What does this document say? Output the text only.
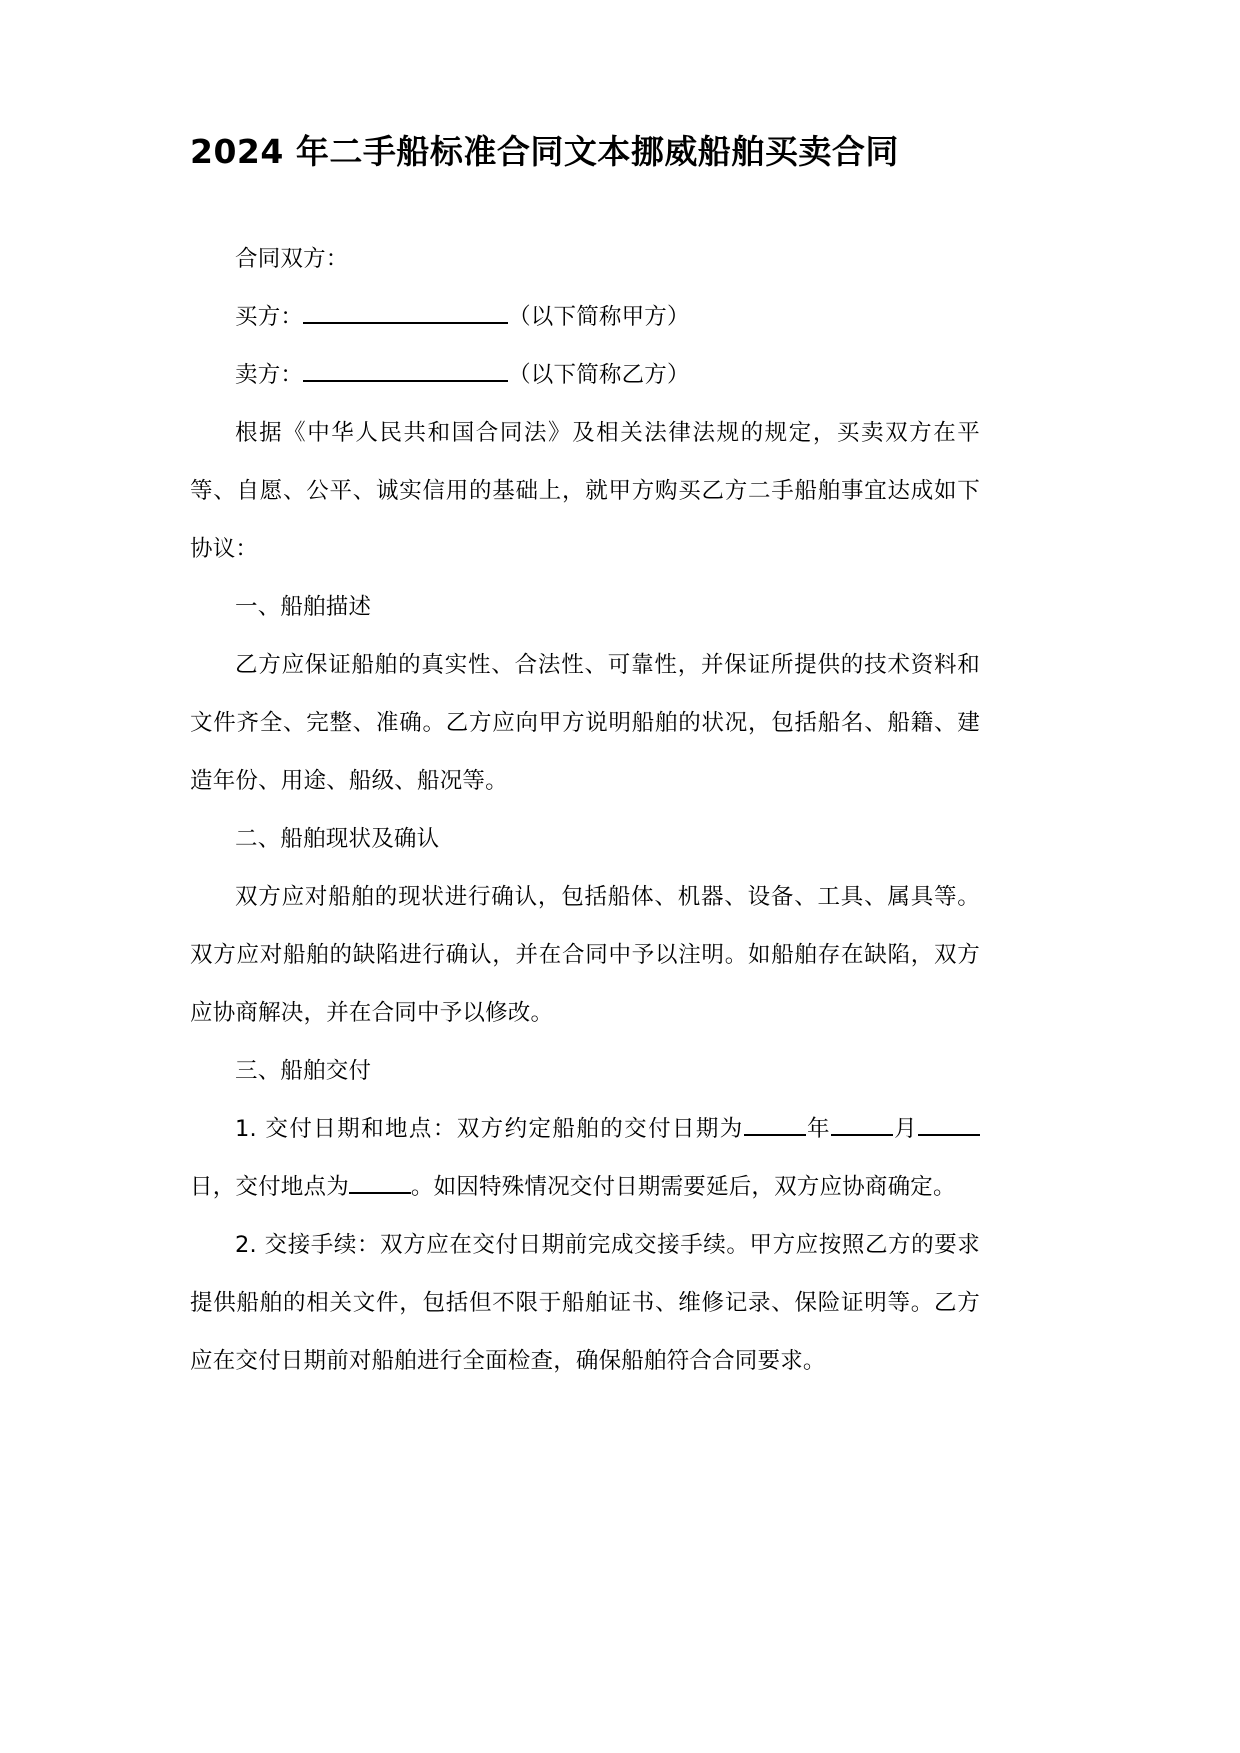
2024 年二手船标准合同文本挪威船舶买卖合同

合同双方：

买方：	（以下简称甲方）

卖方：	（以下简称乙方）

根据《中华人民共和国合同法》及相关法律法规的规定，买卖双方在平等、自愿、公平、诚实信用的基础上，就甲方购买乙方二手船舶事宜达成如下协议：

一、船舶描述

乙方应保证船舶的真实性、合法性、可靠性，并保证所提供的技术资料和文件齐全、完整、准确。乙方应向甲方说明船舶的状况，包括船名、船籍、建造年份、用途、船级、船况等。

二、船舶现状及确认

双方应对船舶的现状进行确认，包括船体、机器、设备、工具、属具等。双方应对船舶的缺陷进行确认，并在合同中予以注明。如船舶存在缺陷，双方应协商解决，并在合同中予以修改。

三、船舶交付

1. 交付日期和地点：双方约定船舶的交付日期为	年	月日，交付地点为	。如因特殊情况交付日期需要延后，双方应协商确定。

2. 交接手续：双方应在交付日期前完成交接手续。甲方应按照乙方的要求提供船舶的相关文件，包括但不限于船舶证书、维修记录、保险证明等。乙方应在交付日期前对船舶进行全面检查，确保船舶符合合同要求。
